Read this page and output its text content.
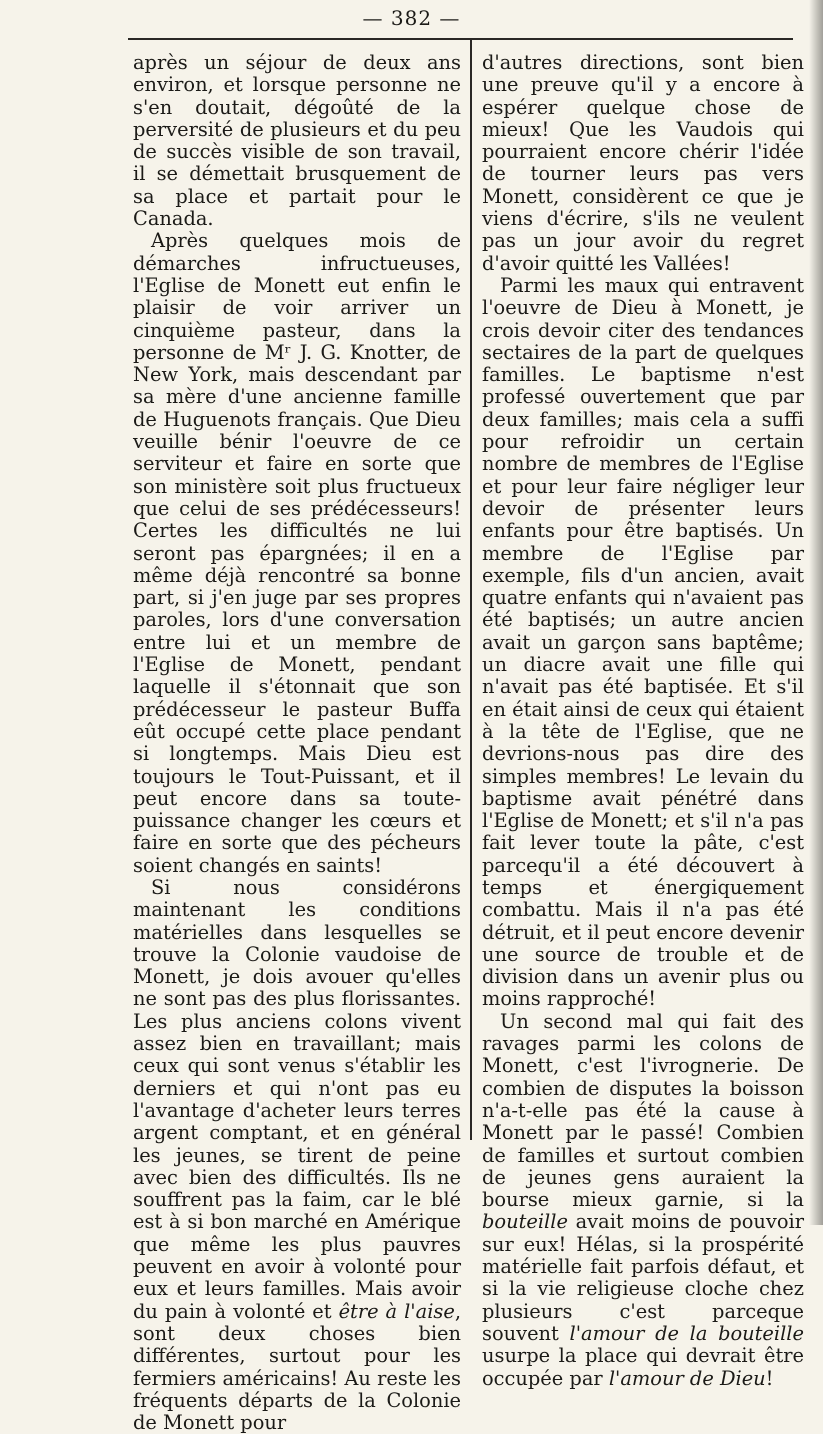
— 382 —

après un séjour de deux ans environ, et lorsque personne ne s'en doutait, dégoûté de la perversité de plusieurs et du peu de succès visible de son travail, il se démettait brusquement de sa place et partait pour le Canada.

Après quelques mois de démarches infructueuses, l'Eglise de Monett eut enfin le plaisir de voir arriver un cinquième pasteur, dans la personne de Mʳ J. G. Knotter, de New York, mais descendant par sa mère d'une ancienne famille de Huguenots français. Que Dieu veuille bénir l'oeuvre de ce serviteur et faire en sorte que son ministère soit plus fructueux que celui de ses prédécesseurs! Certes les difficultés ne lui seront pas épargnées; il en a même déjà rencontré sa bonne part, si j'en juge par ses propres paroles, lors d'une conversation entre lui et un membre de l'Eglise de Monett, pendant laquelle il s'étonnait que son prédécesseur le pasteur Buffa eût occupé cette place pendant si longtemps. Mais Dieu est toujours le Tout-Puissant, et il peut encore dans sa toute-puissance changer les cœurs et faire en sorte que des pécheurs soient changés en saints!

Si nous considérons maintenant les conditions matérielles dans lesquelles se trouve la Colonie vaudoise de Monett, je dois avouer qu'elles ne sont pas des plus florissantes. Les plus anciens colons vivent assez bien en travaillant; mais ceux qui sont venus s'établir les derniers et qui n'ont pas eu l'avantage d'acheter leurs terres argent comptant, et en général les jeunes, se tirent de peine avec bien des difficultés. Ils ne souffrent pas la faim, car le blé est à si bon marché en Amérique que même les plus pauvres peuvent en avoir à volonté pour eux et leurs familles. Mais avoir du pain à volonté et être à l'aise, sont deux choses bien différentes, surtout pour les fermiers américains! Au reste les fréquents départs de la Colonie de Monett pour

d'autres directions, sont bien une preuve qu'il y a encore à espérer quelque chose de mieux! Que les Vaudois qui pourraient encore chérir l'idée de tourner leurs pas vers Monett, considèrent ce que je viens d'écrire, s'ils ne veulent pas un jour avoir du regret d'avoir quitté les Vallées!

Parmi les maux qui entravent l'oeuvre de Dieu à Monett, je crois devoir citer des tendances sectaires de la part de quelques familles. Le baptisme n'est professé ouvertement que par deux familles; mais cela a suffi pour refroidir un certain nombre de membres de l'Eglise et pour leur faire négliger leur devoir de présenter leurs enfants pour être baptisés. Un membre de l'Eglise par exemple, fils d'un ancien, avait quatre enfants qui n'avaient pas été baptisés; un autre ancien avait un garçon sans baptême; un diacre avait une fille qui n'avait pas été baptisée. Et s'il en était ainsi de ceux qui étaient à la tête de l'Eglise, que ne devrions-nous pas dire des simples membres! Le levain du baptisme avait pénétré dans l'Eglise de Monett; et s'il n'a pas fait lever toute la pâte, c'est parcequ'il a été découvert à temps et énergiquement combattu. Mais il n'a pas été détruit, et il peut encore devenir une source de trouble et de division dans un avenir plus ou moins rapproché!

Un second mal qui fait des ravages parmi les colons de Monett, c'est l'ivrognerie. De combien de disputes la boisson n'a-t-elle pas été la cause à Monett par le passé! Combien de familles et surtout combien de jeunes gens auraient la bourse mieux garnie, si la bouteille avait moins de pouvoir sur eux! Hélas, si la prospérité matérielle fait parfois défaut, et si la vie religieuse cloche chez plusieurs c'est parceque souvent l'amour de la bouteille usurpe la place qui devrait être occupée par l'amour de Dieu!
